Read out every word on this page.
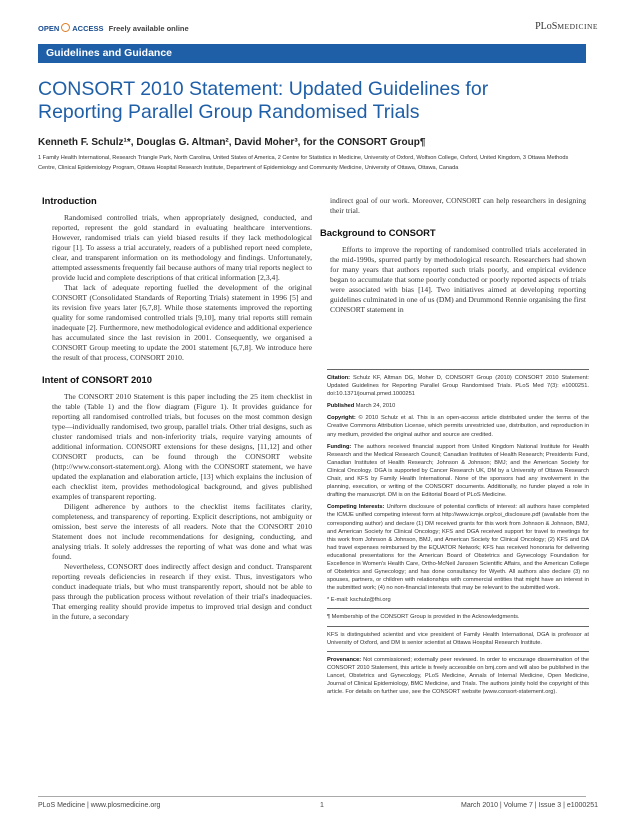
OPEN ACCESS Freely available online	PLoSMEDICINE
Guidelines and Guidance
CONSORT 2010 Statement: Updated Guidelines for
Reporting Parallel Group Randomised Trials
Kenneth F. Schulz¹*, Douglas G. Altman², David Moher³, for the CONSORT Group¶
1 Family Health International, Research Triangle Park, North Carolina, United States of America, 2 Centre for Statistics in Medicine, University of Oxford, Wolfson College, Oxford, United Kingdom, 3 Ottawa Methods Centre, Clinical Epidemiology Program, Ottawa Hospital Research Institute, Department of Epidemiology and Community Medicine, University of Ottawa, Ottawa, Canada
Introduction

Randomised controlled trials, when appropriately designed, conducted, and reported, represent the gold standard in evaluating healthcare interventions. However, randomised trials can yield biased results if they lack methodological rigour [1]. To assess a trial accurately, readers of a published report need complete, clear, and transparent information on its methodology and findings. Unfortunately, attempted assessments frequently fail because authors of many trial reports neglect to provide lucid and complete descriptions of that critical information [2,3,4].

That lack of adequate reporting fuelled the development of the original CONSORT (Consolidated Standards of Reporting Trials) statement in 1996 [5] and its revision five years later [6,7,8]. While those statements improved the reporting quality for some randomised controlled trials [9,10], many trial reports still remain inadequate [2]. Furthermore, new methodological evidence and additional experience has accumulated since the last revision in 2001. Consequently, we organised a CONSORT Group meeting to update the 2001 statement [6,7,8]. We introduce here the result of that process, CONSORT 2010.

Intent of CONSORT 2010

The CONSORT 2010 Statement is this paper including the 25 item checklist in the table (Table 1) and the flow diagram (Figure 1). It provides guidance for reporting all randomised controlled trials, but focuses on the most common design type—individually randomised, two group, parallel trials. Other trial designs, such as cluster randomised trials and non-inferiority trials, require varying amounts of additional information. CONSORT extensions for these designs, [11,12] and other CONSORT products, can be found through the CONSORT website (http://www.consort-statement.org). Along with the CONSORT statement, we have updated the explanation and elaboration article, [13] which explains the inclusion of each checklist item, provides methodological background, and gives published examples of transparent reporting.

Diligent adherence by authors to the checklist items facilitates clarity, completeness, and transparency of reporting. Explicit descriptions, not ambiguity or omission, best serve the interests of all readers. Note that the CONSORT 2010 Statement does not include recommendations for designing, conducting, and analysing trials. It solely addresses the reporting of what was done and what was found.

Nevertheless, CONSORT does indirectly affect design and conduct. Transparent reporting reveals deficiencies in research if they exist. Thus, investigators who conduct inadequate trials, but who must transparently report, should not be able to pass through the publication process without revelation of their trial's inadequacies. That emerging reality should provide impetus to improved trial design and conduct in the future, a secondary

indirect goal of our work. Moreover, CONSORT can help researchers in designing their trial.

Background to CONSORT

Efforts to improve the reporting of randomised controlled trials accelerated in the mid-1990s, spurred partly by methodological research. Researchers had shown for many years that authors reported such trials poorly, and empirical evidence began to accumulate that some poorly conducted or poorly reported aspects of trials were associated with bias [14]. Two initiatives aimed at developing reporting guidelines culminated in one of us (DM) and Drummond Rennie organising the first CONSORT statement in

Citation: Schulz KF, Altman DG, Moher D, CONSORT Group (2010) CONSORT 2010 Statement: Updated Guidelines for Reporting Parallel Group Randomised Trials. PLoS Med 7(3): e1000251. doi:10.1371/journal.pmed.1000251

Published March 24, 2010

Copyright: © 2010 Schulz et al. This is an open-access article distributed under the terms of the Creative Commons Attribution License, which permits unrestricted use, distribution, and reproduction in any medium, provided the original author and source are credited.

Funding: The authors received financial support from United Kingdom National Institute for Health Research and the Medical Research Council; Canadian Institutes of Health Research; Presidents Fund, Canadian Institutes of Health Research; Johnson & Johnson; BMJ; and the American Society for Clinical Oncology. DGA is supported by Cancer Research UK, DM by a University of Ottawa Research Chair, and KFS by Family Health International. None of the sponsors had any involvement in the planning, execution, or writing of the CONSORT documents. Additionally, no funder played a role in drafting the manuscript. DM is on the Editorial Board of PLoS Medicine.

Competing Interests: Uniform disclosure of potential conflicts of interest: all authors have completed the ICMJE unified competing interest form at http://www.icmje.org/coi_disclosure.pdf (available from the corresponding author) and declare (1) DM received grants for this work from Johnson & Johnson, BMJ, and American Society for Clinical Oncology; KFS and DGA received support for travel to meetings for this work from Johnson & Johnson, BMJ, and American Society for Clinical Oncology; (2) KFS and DA had travel expenses reimbursed by the EQUATOR Network; KFS has received honoraria for delivering educational presentations for the American Board of Obstetrics and Gynecology Foundation for Excellence in Women's Health Care, Ortho-McNeil Janssen Scientific Affairs, and the American College of Obstetrics and Gynecology; and has done consultancy for Wyeth. All authors also declare (3) no spouses, partners, or children with relationships with commercial entities that might have an interest in the submitted work; (4) no non-financial interests that may be relevant to the submitted work.

* E-mail: kschulz@fhi.org

¶ Membership of the CONSORT Group is provided in the Acknowledgments.

KFS is distinguished scientist and vice president of Family Health International, DGA is professor at University of Oxford, and DM is senior scientist at Ottawa Hospital Research Institute.

Provenance: Not commissioned; externally peer reviewed. In order to encourage dissemination of the CONSORT 2010 Statement, this article is freely accessible on bmj.com and will also be published in the Lancet, Obstetrics and Gynecology, PLoS Medicine, Annals of Internal Medicine, Open Medicine, Journal of Clinical Epidemiology, BMC Medicine, and Trials. The authors jointly hold the copyright of this article. For details on further use, see the CONSORT website (www.consort-statement.org).

PLoS Medicine | www.plosmedicine.org	1	March 2010 | Volume 7 | Issue 3 | e1000251
